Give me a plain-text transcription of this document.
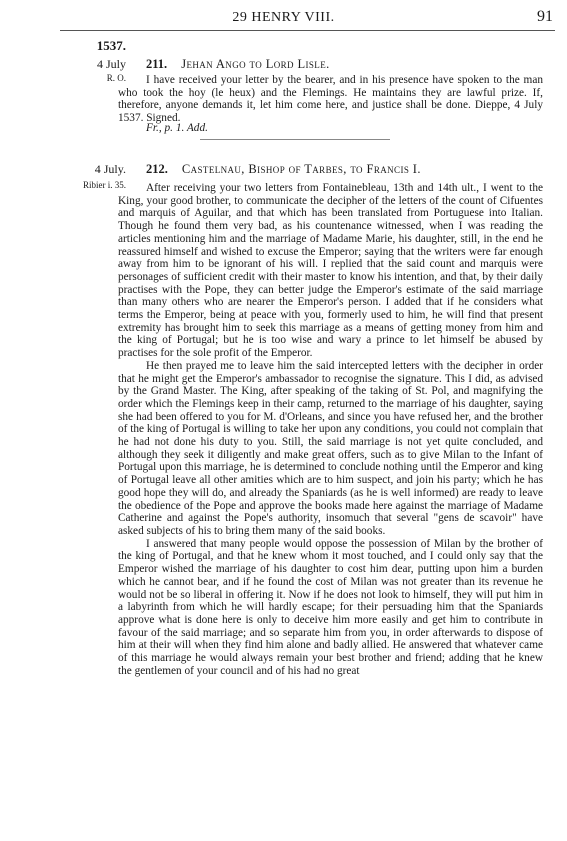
29 HENRY VIII.	91
1537.
4 July
R. O.
211. Jehan Ango to Lord Lisle.

I have received your letter by the bearer, and in his presence have spoken to the man who took the hoy (le heux) and the Flemings. He maintains they are lawful prize. If, therefore, anyone demands it, let him come here, and justice shall be done. Dieppe, 4 July 1537. Signed.

Fr., p. 1. Add.
4 July.
Ribier i. 35.
212. Castelnau, Bishop of Tarbes, to Francis I.

After receiving your two letters from Fontainebleau, 13th and 14th ult., I went to the King, your good brother, to communicate the decipher of the letters of the count of Cifuentes and marquis of Aguilar, and that which has been translated from Portuguese into Italian. Though he found them very bad, as his countenance witnessed, when I was reading the articles mentioning him and the marriage of Madame Marie, his daughter, still, in the end he reassured himself and wished to excuse the Emperor; saying that the writers were far enough away from him to be ignorant of his will. I replied that the said count and marquis were personages of sufficient credit with their master to know his intention, and that, by their daily practises with the Pope, they can better judge the Emperor's estimate of the said marriage than many others who are nearer the Emperor's person. I added that if he considers what terms the Emperor, being at peace with you, formerly used to him, he will find that present extremity has brought him to seek this marriage as a means of getting money from him and the king of Portugal; but he is too wise and wary a prince to let himself be abused by practises for the sole profit of the Emperor.

He then prayed me to leave him the said intercepted letters with the decipher in order that he might get the Emperor's ambassador to recognise the signature. This I did, as advised by the Grand Master. The King, after speaking of the taking of St. Pol, and magnifying the order which the Flemings keep in their camp, returned to the marriage of his daughter, saying she had been offered to you for M. d'Orleans, and since you have refused her, and the brother of the king of Portugal is willing to take her upon any conditions, you could not complain that he had not done his duty to you. Still, the said marriage is not yet quite concluded, and although they seek it diligently and make great offers, such as to give Milan to the Infant of Portugal upon this marriage, he is determined to conclude nothing until the Emperor and king of Portugal leave all other amities which are to him suspect, and join his party; which he has good hope they will do, and already the Spaniards (as he is well informed) are ready to leave the obedience of the Pope and approve the books made here against the marriage of Madame Catherine and against the Pope's authority, insomuch that several "gens de scavoir" have asked subjects of his to bring them many of the said books.

I answered that many people would oppose the possession of Milan by the brother of the king of Portugal, and that he knew whom it most touched, and I could only say that the Emperor wished the marriage of his daughter to cost him dear, putting upon him a burden which he cannot bear, and if he found the cost of Milan was not greater than its revenue he would not be so liberal in offering it. Now if he does not look to himself, they will put him in a labyrinth from which he will hardly escape; for their persuading him that the Spaniards approve what is done here is only to deceive him more easily and get him to contribute in favour of the said marriage; and so separate him from you, in order afterwards to dispose of him at their will when they find him alone and badly allied. He answered that whatever came of this marriage he would always remain your best brother and friend; adding that he knew the gentlemen of your council and of his had no great
